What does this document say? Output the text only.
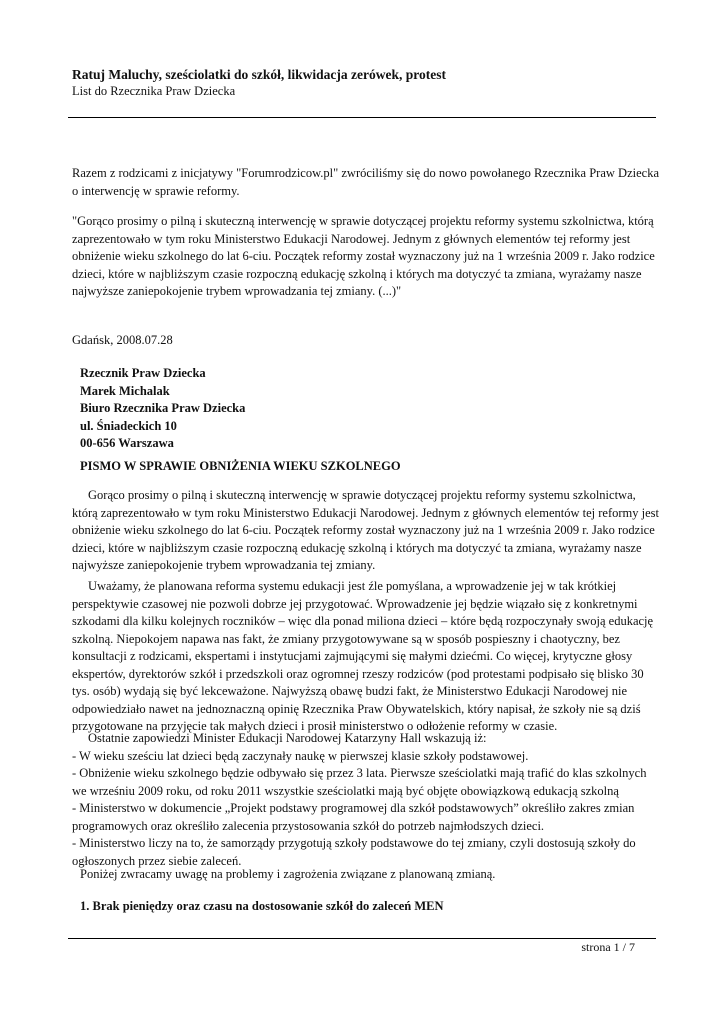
Ratuj Maluchy, sześciolatki do szkół, likwidacja zerówek, protest
List do Rzecznika Praw Dziecka

Razem z rodzicami z inicjatywy "Forumrodzicow.pl" zwróciliśmy się do nowo powołanego Rzecznika Praw Dziecka o interwencję w sprawie reformy.

"Gorąco prosimy o pilną i skuteczną interwencję w sprawie dotyczącej projektu reformy systemu szkolnictwa, którą zaprezentowało w tym roku Ministerstwo Edukacji Narodowej. Jednym z głównych elementów tej reformy jest obniżenie wieku szkolnego do lat 6-ciu. Początek reformy został wyznaczony już na 1 września 2009 r. Jako rodzice dzieci, które w najbliższym czasie rozpoczną edukację szkolną i których ma dotyczyć ta zmiana, wyrażamy nasze najwyższe zaniepokojenie trybem wprowadzania tej zmiany. (...)"

Gdańsk, 2008.07.28

Rzecznik Praw Dziecka
Marek Michalak
Biuro Rzecznika Praw Dziecka
ul. Śniadeckich 10
00-656 Warszawa

PISMO W SPRAWIE OBNIŻENIA WIEKU SZKOLNEGO

Gorąco prosimy o pilną i skuteczną interwencję w sprawie dotyczącej projektu reformy systemu szkolnictwa, którą zaprezentowało w tym roku Ministerstwo Edukacji Narodowej. Jednym z głównych elementów tej reformy jest obniżenie wieku szkolnego do lat 6-ciu. Początek reformy został wyznaczony już na 1 września 2009 r. Jako rodzice dzieci, które w najbliższym czasie rozpoczną edukację szkolną i których ma dotyczyć ta zmiana, wyrażamy nasze najwyższe zaniepokojenie trybem wprowadzania tej zmiany.

Uważamy, że planowana reforma systemu edukacji jest źle pomyślana, a wprowadzenie jej w tak krótkiej perspektywie czasowej nie pozwoli dobrze jej przygotować. Wprowadzenie jej będzie wiązało się z konkretnymi szkodami dla kilku kolejnych roczników – więc dla ponad miliona dzieci – które będą rozpoczynały swoją edukację szkolną. Niepokojem napawa nas fakt, że zmiany przygotowywane są w sposób pospieszny i chaotyczny, bez konsultacji z rodzicami, ekspertami i instytucjami zajmującymi się małymi dziećmi. Co więcej, krytyczne głosy ekspertów, dyrektorów szkół i przedszkoli oraz ogromnej rzeszy rodziców (pod protestami podpisało się blisko 30 tys. osób) wydają się być lekceważone. Najwyższą obawę budzi fakt, że Ministerstwo Edukacji Narodowej nie odpowiedziało nawet na jednoznaczną opinię Rzecznika Praw Obywatelskich, który napisał, że szkoły nie są dziś przygotowane na przyjęcie tak małych dzieci i prosił ministerstwo o odłożenie reformy w czasie.

Ostatnie zapowiedzi Minister Edukacji Narodowej Katarzyny Hall wskazują iż:
- W wieku sześciu lat dzieci będą zaczynały naukę w pierwszej klasie szkoły podstawowej.
- Obniżenie wieku szkolnego będzie odbywało się przez 3 lata. Pierwsze sześciolatki mają trafić do klas szkolnych we wrześniu 2009 roku, od roku 2011 wszystkie sześciolatki mają być objęte obowiązkową edukacją szkolną
- Ministerstwo w dokumencie „Projekt podstawy programowej dla szkół podstawowych” określiło zakres zmian programowych oraz określiło zalecenia przystosowania szkół do potrzeb najmłodszych dzieci.
- Ministerstwo liczy na to, że samorządy przygotują szkoły podstawowe do tej zmiany, czyli dostosują szkoły do ogłoszonych przez siebie zaleceń.

Poniżej zwracamy uwagę na problemy i zagrożenia związane z planowaną zmianą.

1. Brak pieniędzy oraz czasu na dostosowanie szkół do zaleceń MEN

strona 1 / 7
